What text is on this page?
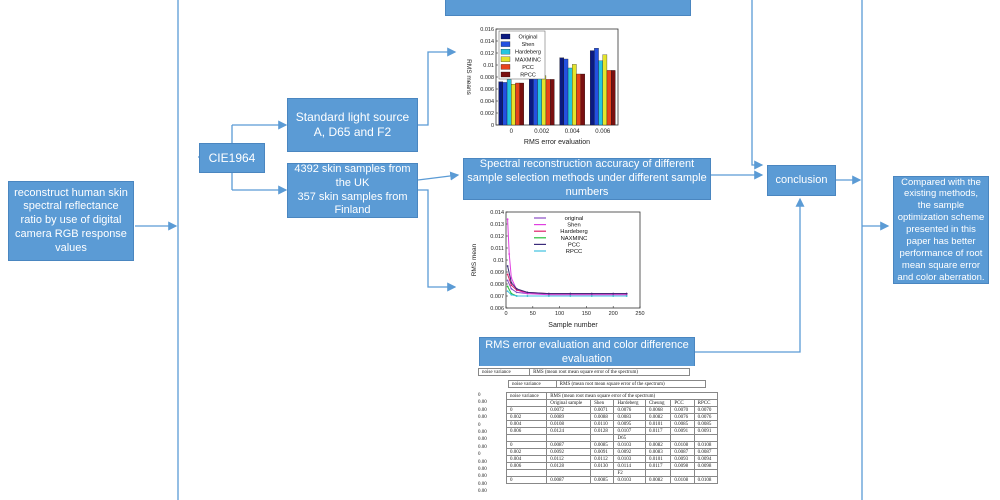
reconstruct human skin spectral reflectance ratio by use of digital camera RGB response values
CIE1964
Standard light source A, D65 and F2
4392 skin samples from the UK
357 skin samples from Finland
Spectral reconstruction accuracy of different sample selection methods under different sample numbers
conclusion
RMS error evaluation and color difference evaluation
Compared with the existing methods, the sample optimization scheme presented in this paper has better performance of root mean square error and color aberration.
0
0.002
0.004
0.006
0.008
0.01
0.012
0.014
0.016
0	0.002	0.004	0.006
RMS error evaluation
RMS means
Original
Shen
Hardeberg
MAXMINC
PCC
RPCC
0.006
0.007
0.008
0.009
0.01
0.011
0.012
0.013
0.014
0	50	100	150	200	250
Sample number
RMS mean
original
Shen
Hardeberg
NAXMINC
PCC
RPCC
noise variance	RMS (mean root mean square error of the spectrum)
noise variance	RMS (mean root mean square error of the spectrum)
0
0.00
0.00
0.00
0
0.00
0.00
0.00
0
0.00
0.00
0.00
0.00
0.00
noise variance	RMS (mean root mean square error of the spectrum)					
	Original sample	Shen	Hardeberg	Cheung	PCC	RPCC
0	0.0072	0.0071	0.0076	0.0068	0.0070	0.0070
0.002	0.0089	0.0088	0.0083	0.0082	0.0076	0.0076
0.004	0.0108	0.0110	0.0095	0.0101	0.0085	0.0085
0.006	0.0124	0.0128	0.0107	0.0117	0.0091	0.0091
			D65			
0	0.0087	0.0085	0.0103	0.0082	0.0108	0.0108
0.002	0.0092	0.0091	0.0092	0.0083	0.0087	0.0087
0.004	0.0112	0.0112	0.0103	0.0101	0.0093	0.0094
0.006	0.0128	0.0130	0.0114	0.0117	0.0098	0.0098
			F2			
0	0.0087	0.0085	0.0103	0.0082	0.0108	0.0108
